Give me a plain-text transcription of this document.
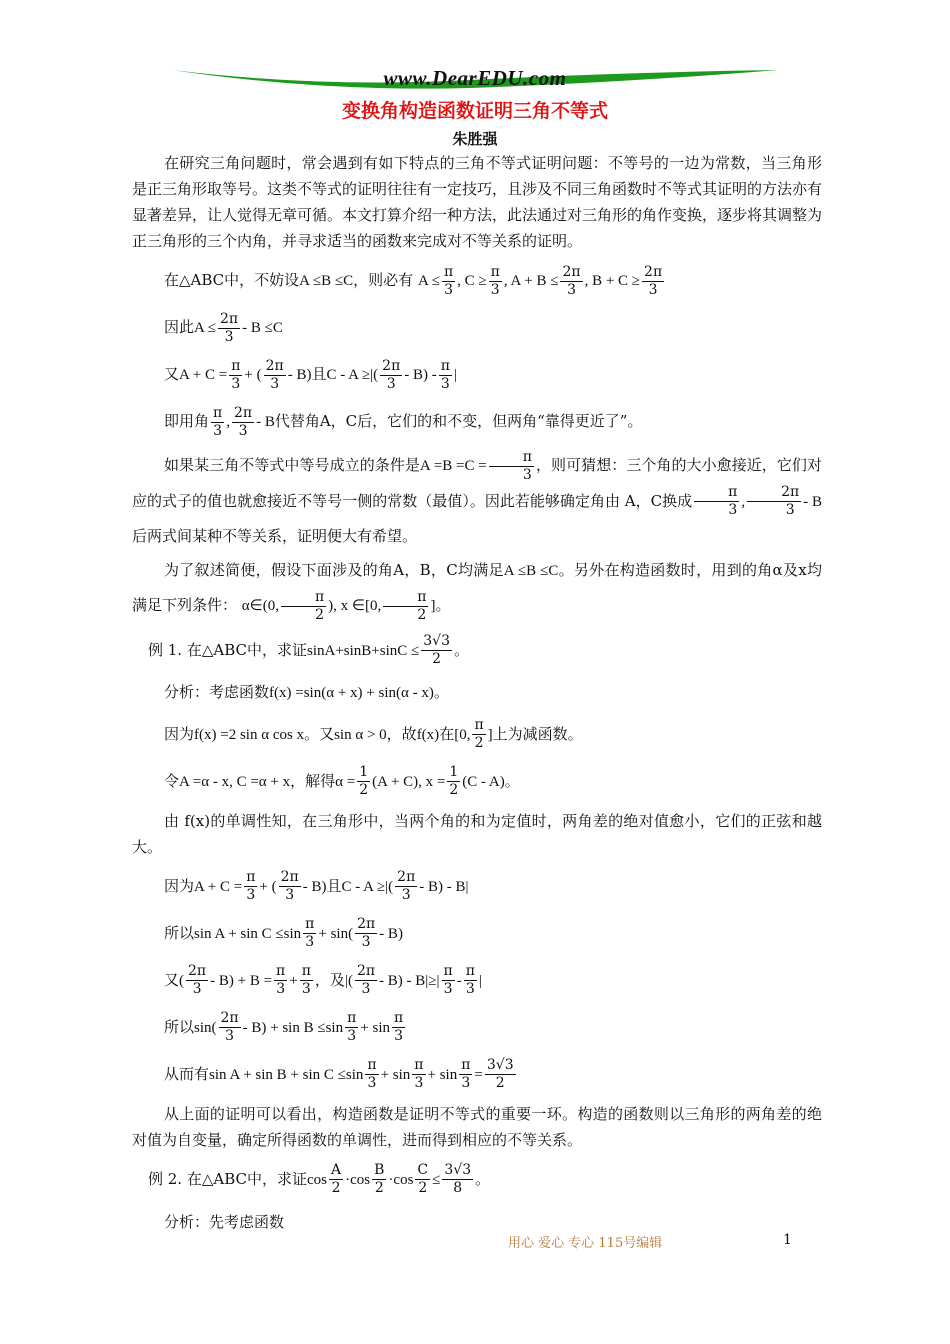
www.DearEDU.com
变换角构造函数证明三角不等式
朱胜强

在研究三角问题时，常会遇到有如下特点的三角不等式证明问题：不等号的一边为常数，当三角形是正三角形取等号。这类不等式的证明往往有一定技巧，且涉及不同三角函数时不等式其证明的方法亦有显著差异，让人觉得无章可循。本文打算介绍一种方法，此法通过对三角形的角作变换，逐步将其调整为正三角形的三个内角，并寻求适当的函数来完成对不等关系的证明。

在△ABC中，不妨设A ≤B ≤C，则必有 $A \le \frac{\pi}{3}$ , $C \ge \frac{\pi}{3}$ , $A + B \le \frac{2\pi}{3}$ , $B + C \ge \frac{2\pi}{3}$
因此$A \le \frac{2\pi}{3} - B \le C$
又$A + C = \frac{\pi}{3}$ + ( $\frac{2\pi}{3} - B$)且C - A ≥|( $\frac{2\pi}{3} - B) - \frac{\pi}{3}$ |
即用角 $\frac{\pi}{3}$ , $\frac{2\pi}{3}$ - B代替角A，C后，它们的和不变，但两角“靠得更近了”。

如果某三角不等式中等号成立的条件是$A =B =C = \frac{\pi}{3}$ ，则可猜想：三个角的大小愈接近，它们对应的式子的值也就愈接近不等号一侧的常数（最值）。因此若能够确定角由 A，C换成 $\frac{\pi}{3}$ , $\frac{2\pi}{3}$ - B后两式间某种不等关系，证明便大有希望。

为了叙述简便，假设下面涉及的角A，B，C均满足A ≤B ≤C。另外在构造函数时，用到的角α及x均满足下列条件： α∈(0, $\frac{\pi}{2}$ ), x ∈[0, $\frac{\pi}{2}$ ]。

例 1. 在△ABC中，求证$\sin A+\sin B+\sin C \le \frac{3√3}{2}$ 。
分析：考虑函数f(x) =sin(α + x) + sin(α - x)。
因为f(x) =2 sin α cos x。又sin α > 0，故f(x)在[0, $\frac{\pi}{2}$ ]上为减函数。
令A =α - x, C =α + x，解得$\alpha = \frac{1}{2} (A + C)$, $x = \frac{1}{2} (C - A)$。

由 f(x)的单调性知，在三角形中，当两个角的和为定值时，两角差的绝对值愈小，它们的正弦和越大。

因为$A + C = \frac{\pi}{3}$ + ( $\frac{2\pi}{3} - B$)且C - A ≥|( $\frac{2\pi}{3} - B) - B|$
所以$\sin A + \sin C \le\sin \frac{\pi}{3} + \sin( \frac{2\pi}{3} - B)$
又( $\frac{2\pi}{3} - B) + B = \frac{\pi}{3} + \frac{\pi}{3}$ ，及|( $\frac{2\pi}{3} - B) - B|\ge| \frac{\pi}{3} - \frac{\pi}{3}$ |
所以$\sin( \frac{2\pi}{3} - B) + \sin B \le\sin \frac{\pi}{3} + \sin \frac{\pi}{3}$
从而有$\sin A + \sin B + \sin C \le\sin \frac{\pi}{3} + \sin \frac{\pi}{3} + \sin \frac{\pi}{3} = \frac{3√3}{2}$

从上面的证明可以看出，构造函数是证明不等式的重要一环。构造的函数则以三角形的两角差的绝对值为自变量，确定所得函数的单调性，进而得到相应的不等关系。

例 2. 在△ABC中，求证$\cos \frac{A}{2} \cdot\cos \frac{B}{2} \cdot\cos \frac{C}{2} \le \frac{3√3}{8}$ 。
分析：先考虑函数
用心 爱心 专心 115号编辑	1
